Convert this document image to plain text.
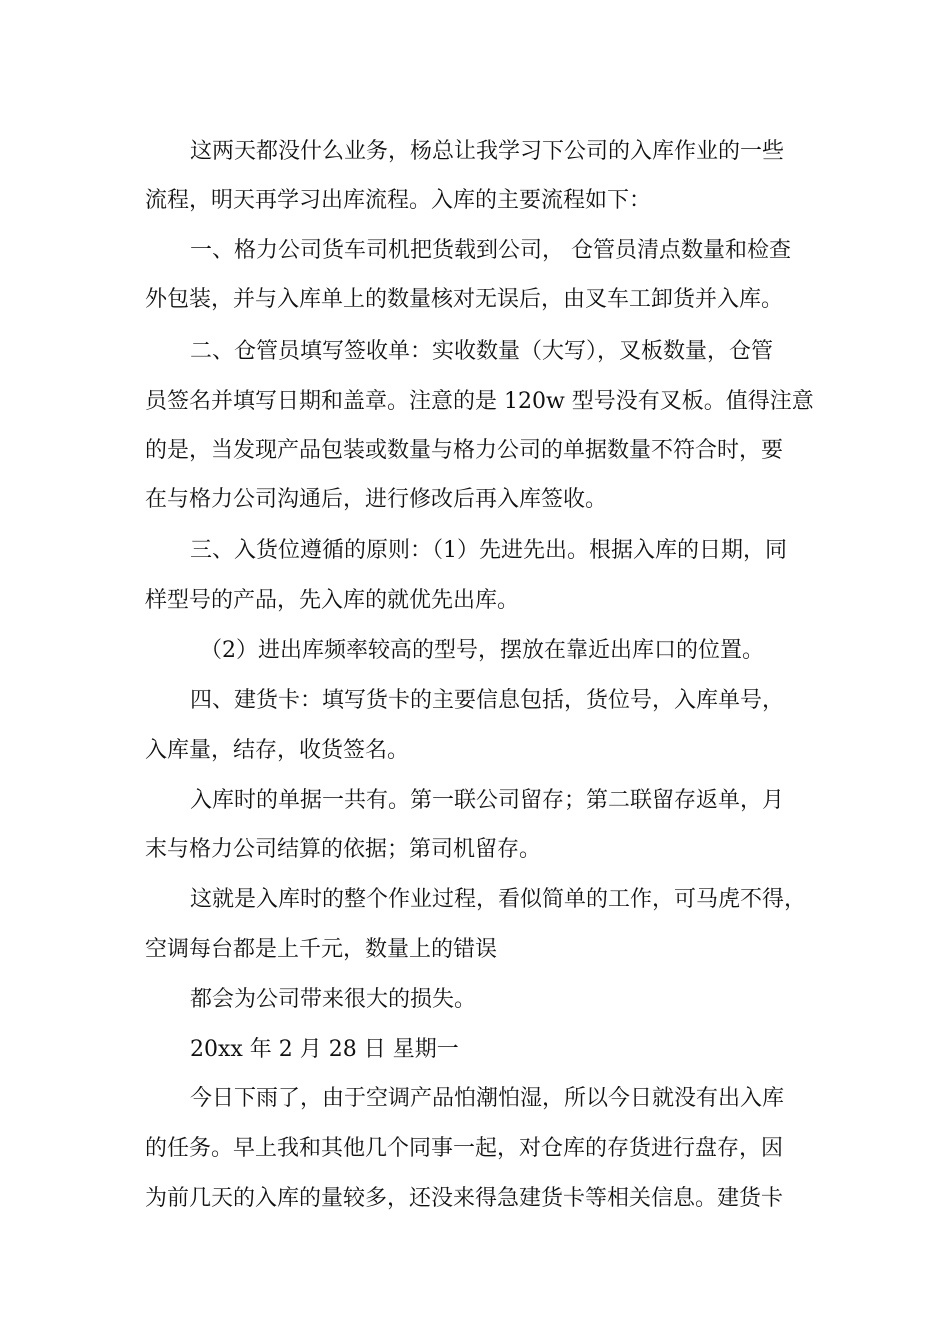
这两天都没什么业务，杨总让我学习下公司的入库作业的一些
流程，明天再学习出库流程。入库的主要流程如下：
一、格力公司货车司机把货载到公司， 仓管员清点数量和检查
外包装，并与入库单上的数量核对无误后，由叉车工卸货并入库。
二、仓管员填写签收单：实收数量（大写），叉板数量，仓管
员签名并填写日期和盖章。注意的是 120w 型号没有叉板。值得注意
的是，当发现产品包装或数量与格力公司的单据数量不符合时，要
在与格力公司沟通后，进行修改后再入库签收。
三、入货位遵循的原则：（1）先进先出。根据入库的日期，同
样型号的产品，先入库的就优先出库。
（2）进出库频率较高的型号，摆放在靠近出库口的位置。
四、建货卡：填写货卡的主要信息包括，货位号，入库单号，
入库量，结存，收货签名。
入库时的单据一共有。第一联公司留存；第二联留存返单，月
末与格力公司结算的依据；第司机留存。
这就是入库时的整个作业过程，看似简单的工作，可马虎不得，
空调每台都是上千元，数量上的错误
都会为公司带来很大的损失。
20xx 年 2 月 28 日 星期一
今日下雨了，由于空调产品怕潮怕湿，所以今日就没有出入库
的任务。早上我和其他几个同事一起，对仓库的存货进行盘存，因
为前几天的入库的量较多，还没来得急建货卡等相关信息。建货卡
